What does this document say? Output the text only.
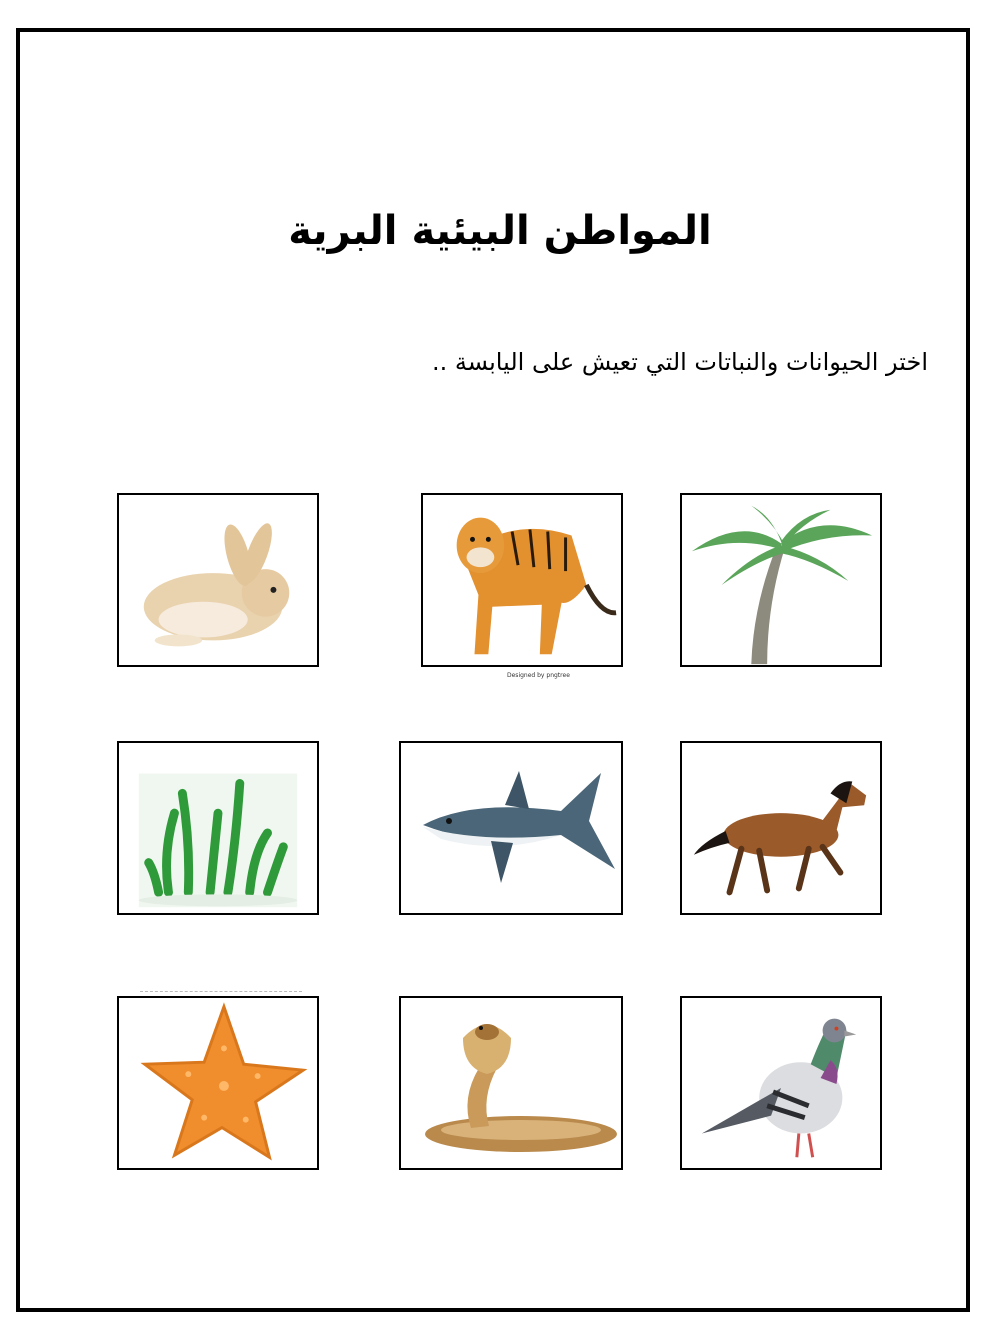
المواطن البيئية البرية
اختر الحيوانات والنباتات التي تعيش على اليابسة ..
Designed by pngtree
